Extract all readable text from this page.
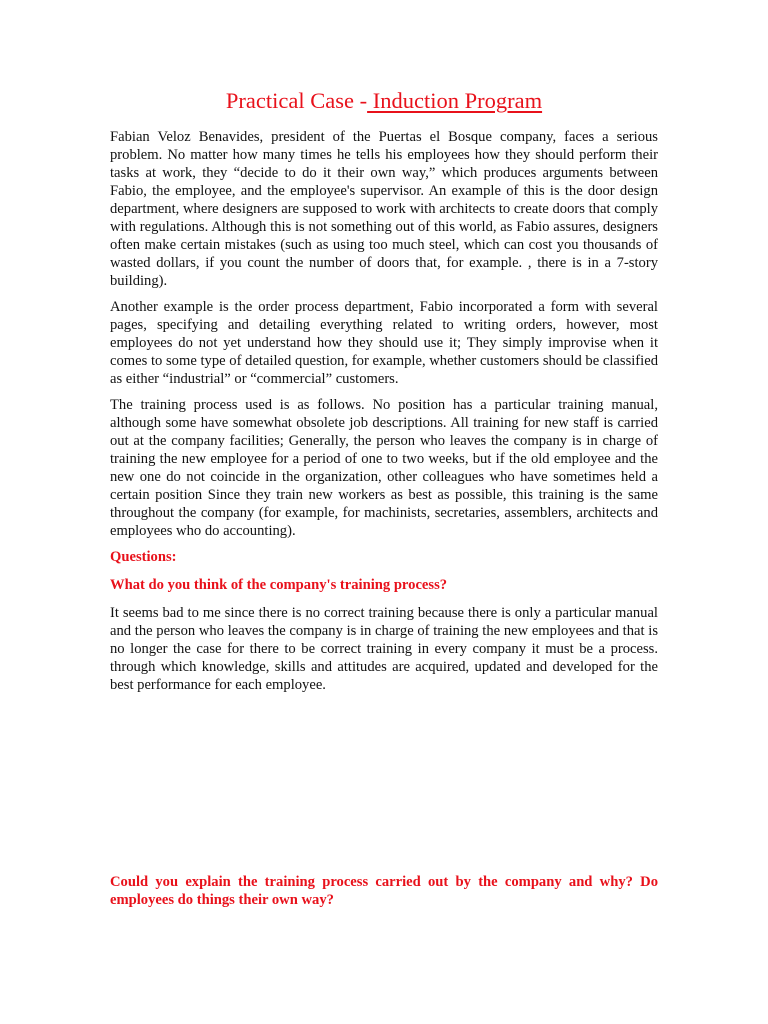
Practical Case - Induction Program

Fabian Veloz Benavides, president of the Puertas el Bosque company, faces a serious problem. No matter how many times he tells his employees how they should perform their tasks at work, they “decide to do it their own way,” which produces arguments between Fabio, the employee, and the employee's supervisor. An example of this is the door design department, where designers are supposed to work with architects to create doors that comply with regulations. Although this is not something out of this world, as Fabio assures, designers often make certain mistakes (such as using too much steel, which can cost you thousands of wasted dollars, if you count the number of doors that, for example. , there is in a 7-story building).

Another example is the order process department, Fabio incorporated a form with several pages, specifying and detailing everything related to writing orders, however, most employees do not yet understand how they should use it; They simply improvise when it comes to some type of detailed question, for example, whether customers should be classified as either “industrial” or “commercial” customers.

The training process used is as follows. No position has a particular training manual, although some have somewhat obsolete job descriptions. All training for new staff is carried out at the company facilities; Generally, the person who leaves the company is in charge of training the new employee for a period of one to two weeks, but if the old employee and the new one do not coincide in the organization, other colleagues who have sometimes held a certain position Since they train new workers as best as possible, this training is the same throughout the company (for example, for machinists, secretaries, assemblers, architects and employees who do accounting).

Questions:

What do you think of the company's training process?

It seems bad to me since there is no correct training because there is only a particular manual and the person who leaves the company is in charge of training the new employees and that is no longer the case for there to be correct training in every company it must be a process. through which knowledge, skills and attitudes are acquired, updated and developed for the best performance for each employee.

Could you explain the training process carried out by the company and why? Do employees do things their own way?
